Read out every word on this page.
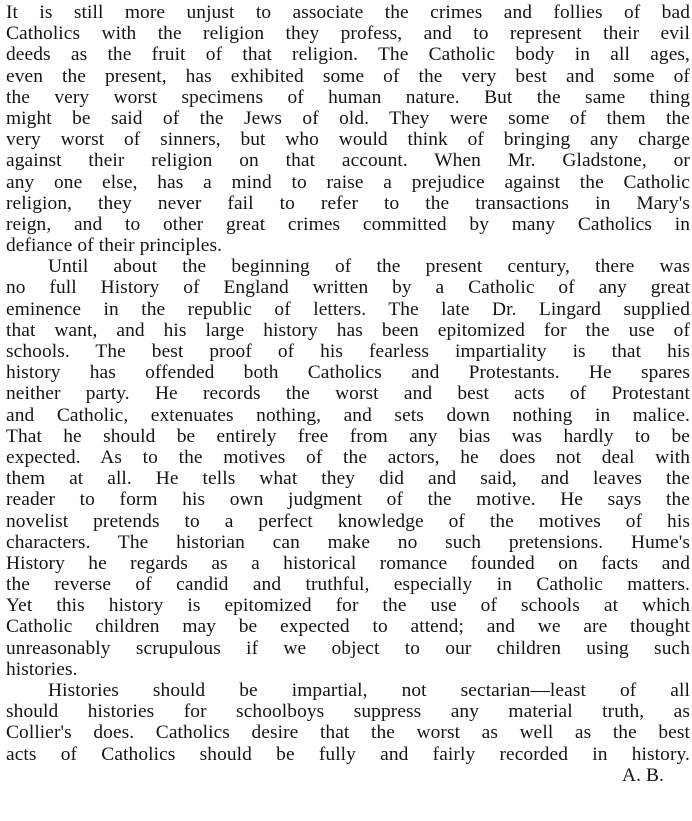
It is still more unjust to associate the crimes and follies of bad
Catholics with the religion they profess, and to represent their evil
deeds as the fruit of that religion. The Catholic body in all ages,
even the present, has exhibited some of the very best and some of
the very worst specimens of human nature. But the same thing
might be said of the Jews of old. They were some of them the
very worst of sinners, but who would think of bringing any charge
against their religion on that account. When Mr. Gladstone, or
any one else, has a mind to raise a prejudice against the Catholic
religion, they never fail to refer to the transactions in Mary's
reign, and to other great crimes committed by many Catholics in
defiance of their principles.
Until about the beginning of the present century, there was
no full History of England written by a Catholic of any great
eminence in the republic of letters. The late Dr. Lingard supplied
that want, and his large history has been epitomized for the use of
schools. The best proof of his fearless impartiality is that his
history has offended both Catholics and Protestants. He spares
neither party. He records the worst and best acts of Protestant
and Catholic, extenuates nothing, and sets down nothing in malice.
That he should be entirely free from any bias was hardly to be
expected. As to the motives of the actors, he does not deal with
them at all. He tells what they did and said, and leaves the
reader to form his own judgment of the motive. He says the
novelist pretends to a perfect knowledge of the motives of his
characters. The historian can make no such pretensions. Hume's
History he regards as a historical romance founded on facts and
the reverse of candid and truthful, especially in Catholic matters.
Yet this history is epitomized for the use of schools at which
Catholic children may be expected to attend; and we are thought
unreasonably scrupulous if we object to our children using such
histories.
Histories should be impartial, not sectarian—least of all
should histories for schoolboys suppress any material truth, as
Collier's does. Catholics desire that the worst as well as the best
acts of Catholics should be fully and fairly recorded in history.
A. B.
